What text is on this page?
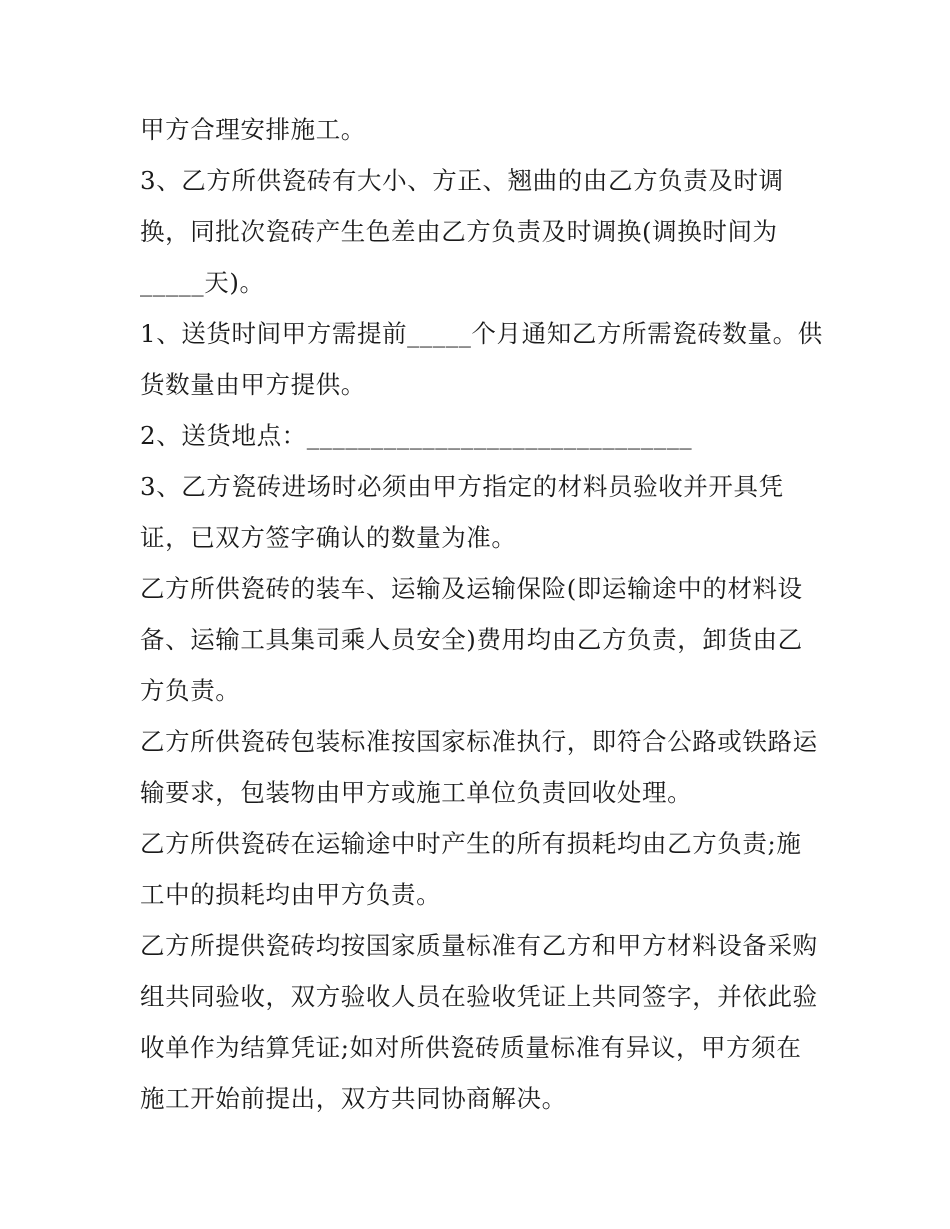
甲方合理安排施工。
3、乙方所供瓷砖有大小、方正、翘曲的由乙方负责及时调
换，同批次瓷砖产生色差由乙方负责及时调换(调换时间为
_____天)。
1、送货时间甲方需提前_____个月通知乙方所需瓷砖数量。供
货数量由甲方提供。
2、送货地点：______________________________
3、乙方瓷砖进场时必须由甲方指定的材料员验收并开具凭
证，已双方签字确认的数量为准。
乙方所供瓷砖的装车、运输及运输保险(即运输途中的材料设
备、运输工具集司乘人员安全)费用均由乙方负责，卸货由乙
方负责。
乙方所供瓷砖包装标准按国家标准执行，即符合公路或铁路运
输要求，包装物由甲方或施工单位负责回收处理。
乙方所供瓷砖在运输途中时产生的所有损耗均由乙方负责;施
工中的损耗均由甲方负责。
乙方所提供瓷砖均按国家质量标准有乙方和甲方材料设备采购
组共同验收，双方验收人员在验收凭证上共同签字，并依此验
收单作为结算凭证;如对所供瓷砖质量标准有异议，甲方须在
施工开始前提出，双方共同协商解决。
